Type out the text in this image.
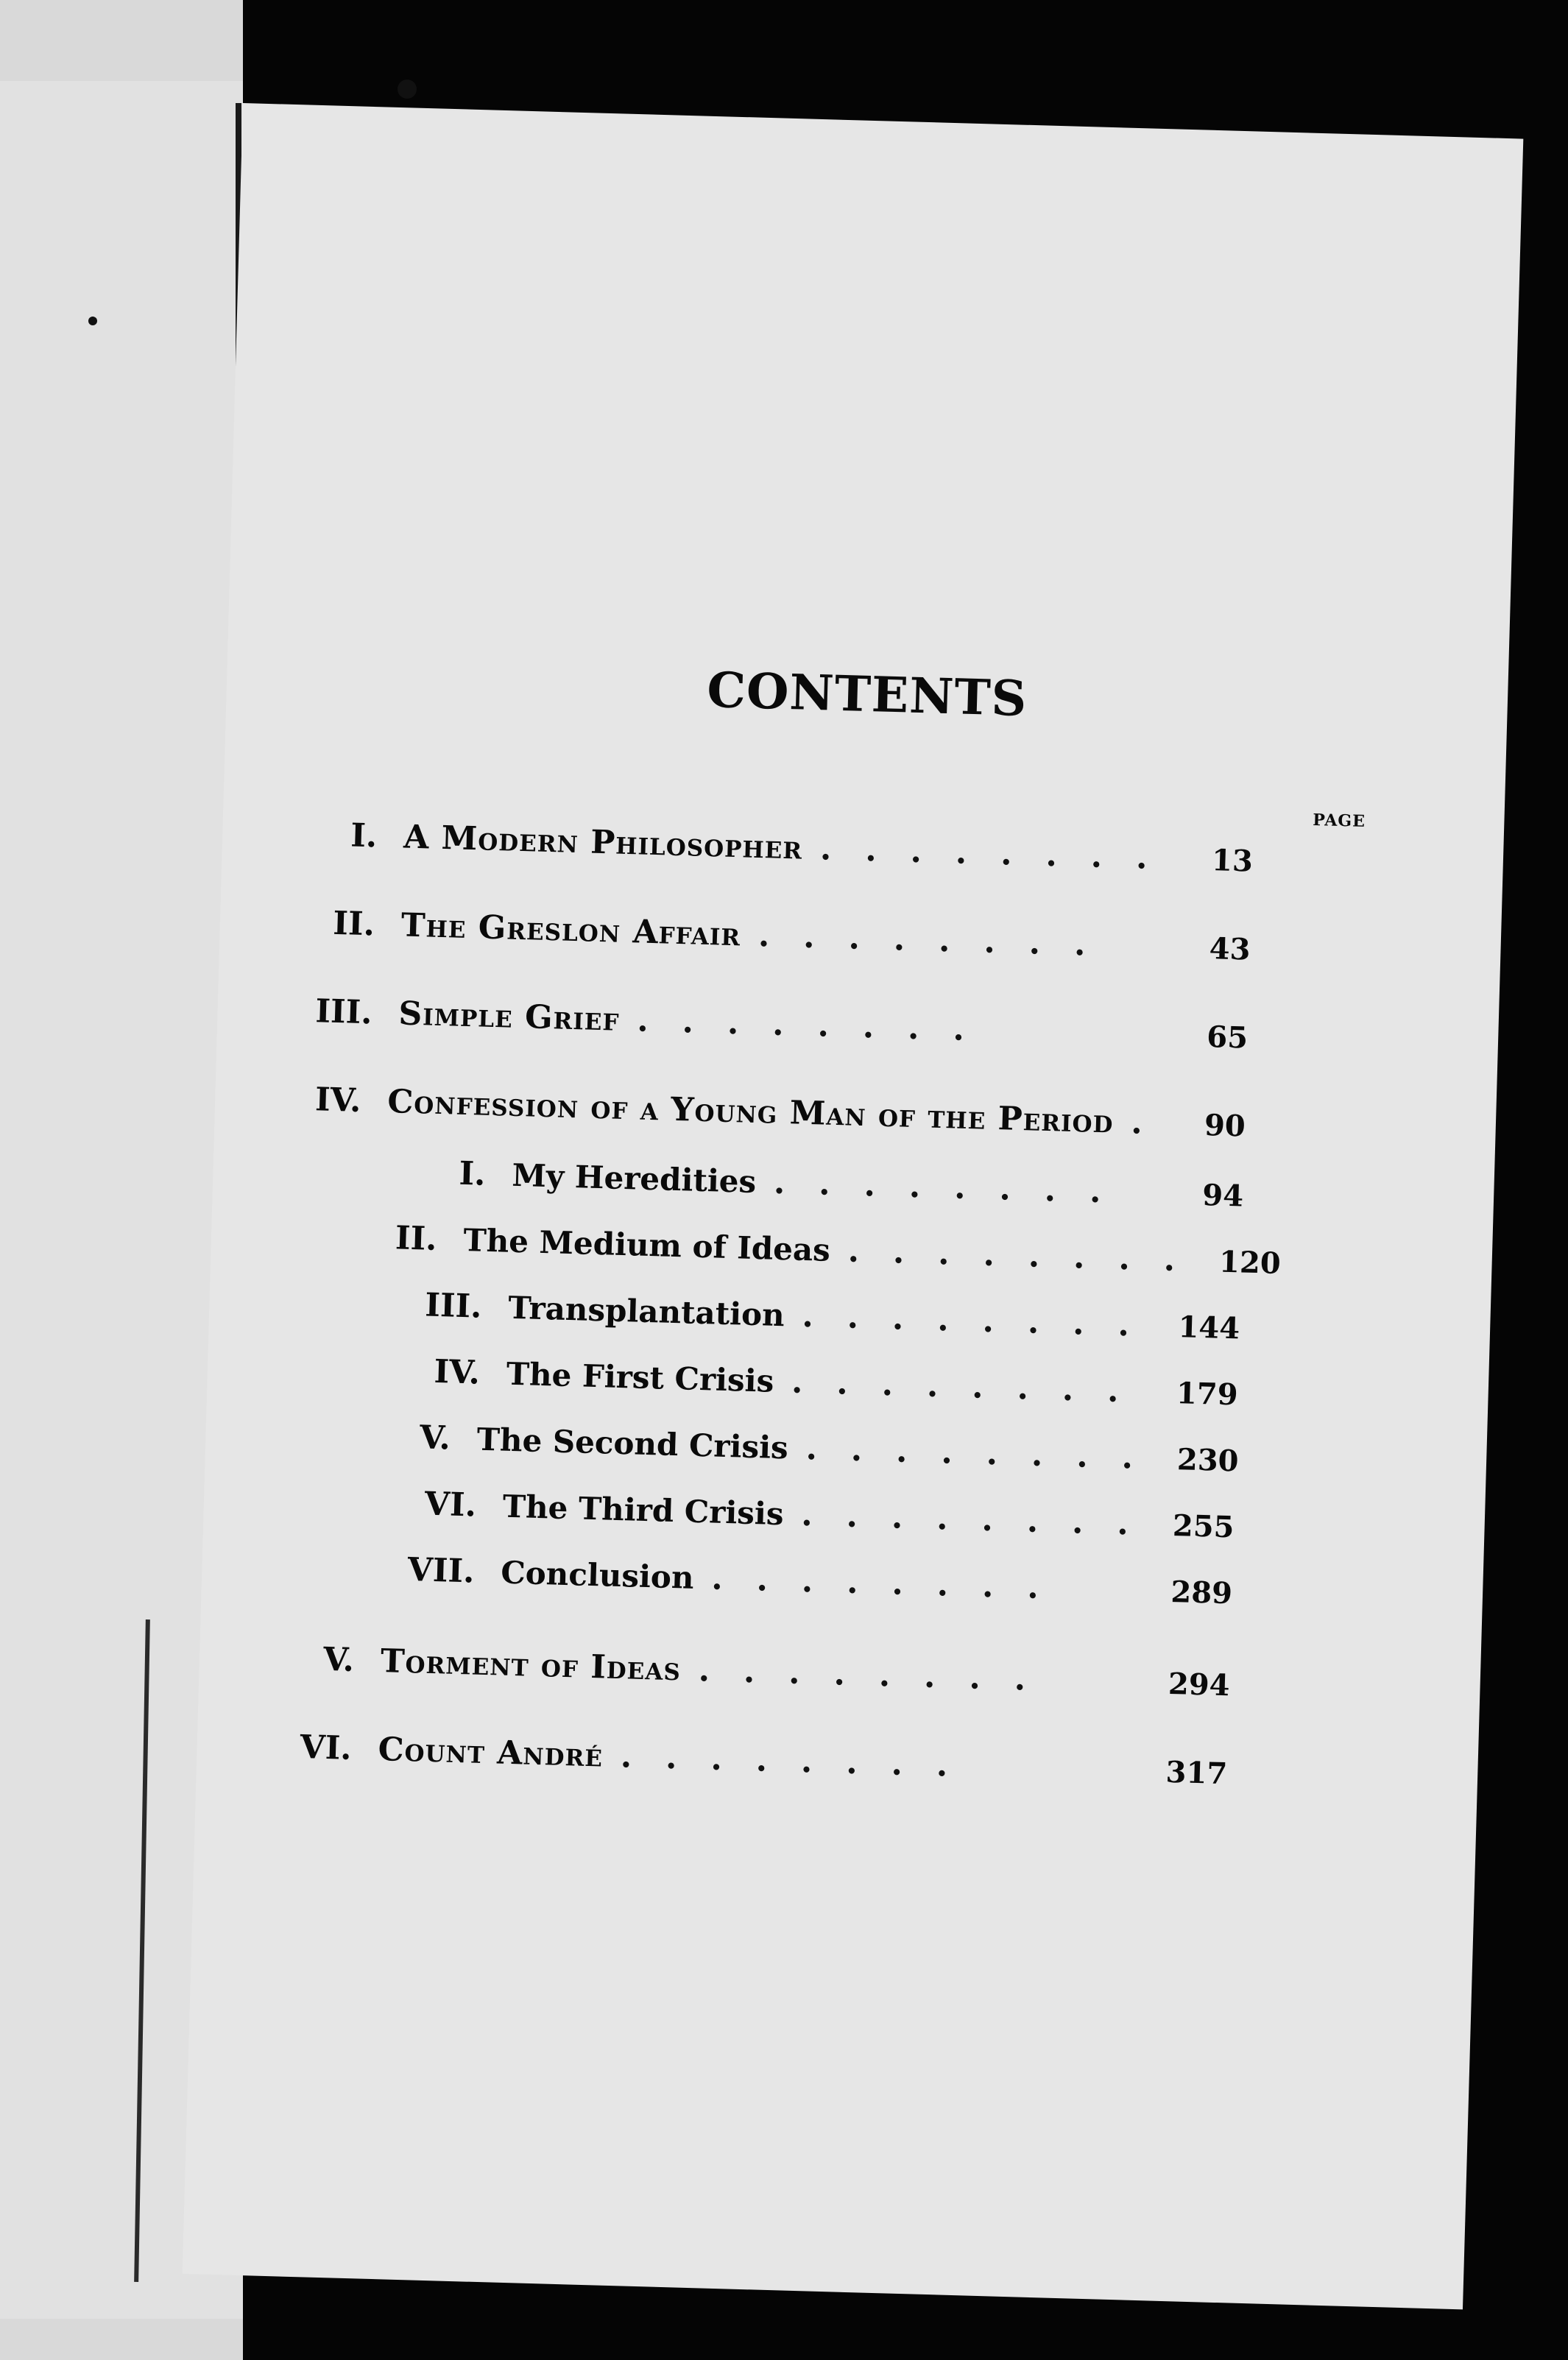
CONTENTS
PAGE
I. A Modern Philosopher ........	13
II. The Greslon Affair ........	43
III. Simple Grief ........	65
IV. Confession of a Young Man of the Period . 90
I. My Heredities ........	94
II. The Medium of Ideas ........ 120
III. Transplantation ........ 144
IV. The First Crisis ........ 179
V. The Second Crisis ........ 230
VI. The Third Crisis ........ 255
VII. Conclusion ........	289
V. Torment of Ideas ........	294
VI. Count André ........	317
